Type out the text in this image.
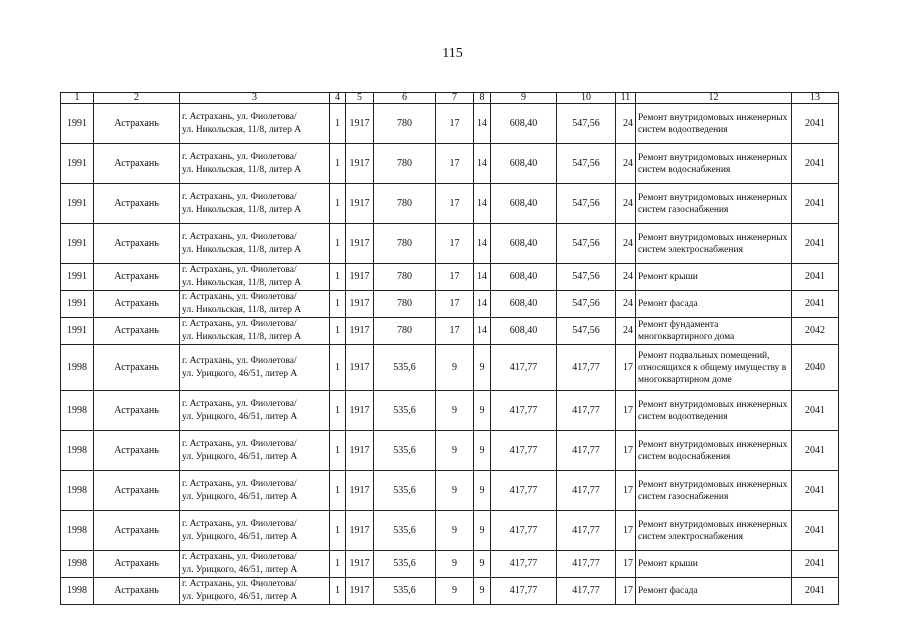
115
1	2	3	4	5	6	7	8	9	10	11	12	13
1991	Астрахань	г. Астрахань, ул. Фиолетова/
ул. Никольская, 11/8, литер А	1	1917	780	17	14	608,40	547,56	24	Ремонт внутридомовых инженерных систем водоотведения	2041
1991	Астрахань	г. Астрахань, ул. Фиолетова/
ул. Никольская, 11/8, литер А	1	1917	780	17	14	608,40	547,56	24	Ремонт внутридомовых инженерных систем водоснабжения	2041
1991	Астрахань	г. Астрахань, ул. Фиолетова/
ул. Никольская, 11/8, литер А	1	1917	780	17	14	608,40	547,56	24	Ремонт внутридомовых инженерных систем газоснабжения	2041
1991	Астрахань	г. Астрахань, ул. Фиолетова/
ул. Никольская, 11/8, литер А	1	1917	780	17	14	608,40	547,56	24	Ремонт внутридомовых инженерных систем электроснабжения	2041
1991	Астрахань	г. Астрахань, ул. Фиолетова/
ул. Никольская, 11/8, литер А	1	1917	780	17	14	608,40	547,56	24	Ремонт крыши	2041
1991	Астрахань	г. Астрахань, ул. Фиолетова/
ул. Никольская, 11/8, литер А	1	1917	780	17	14	608,40	547,56	24	Ремонт фасада	2041
1991	Астрахань	г. Астрахань, ул. Фиолетова/
ул. Никольская, 11/8, литер А	1	1917	780	17	14	608,40	547,56	24	Ремонт фундамента многоквартирного дома	2042
1998	Астрахань	г. Астрахань, ул. Фиолетова/
ул. Урицкого, 46/51, литер А	1	1917	535,6	9	9	417,77	417,77	17	Ремонт подвальных помещений, относящихся к общему имуществу в многоквартирном доме	2040
1998	Астрахань	г. Астрахань, ул. Фиолетова/
ул. Урицкого, 46/51, литер А	1	1917	535,6	9	9	417,77	417,77	17	Ремонт внутридомовых инженерных систем водоотведения	2041
1998	Астрахань	г. Астрахань, ул. Фиолетова/
ул. Урицкого, 46/51, литер А	1	1917	535,6	9	9	417,77	417,77	17	Ремонт внутридомовых инженерных систем водоснабжения	2041
1998	Астрахань	г. Астрахань, ул. Фиолетова/
ул. Урицкого, 46/51, литер А	1	1917	535,6	9	9	417,77	417,77	17	Ремонт внутридомовых инженерных систем газоснабжения	2041
1998	Астрахань	г. Астрахань, ул. Фиолетова/
ул. Урицкого, 46/51, литер А	1	1917	535,6	9	9	417,77	417,77	17	Ремонт внутридомовых инженерных систем электроснабжения	2041
1998	Астрахань	г. Астрахань, ул. Фиолетова/
ул. Урицкого, 46/51, литер А	1	1917	535,6	9	9	417,77	417,77	17	Ремонт крыши	2041
1998	Астрахань	г. Астрахань, ул. Фиолетова/
ул. Урицкого, 46/51, литер А	1	1917	535,6	9	9	417,77	417,77	17	Ремонт фасада	2041
